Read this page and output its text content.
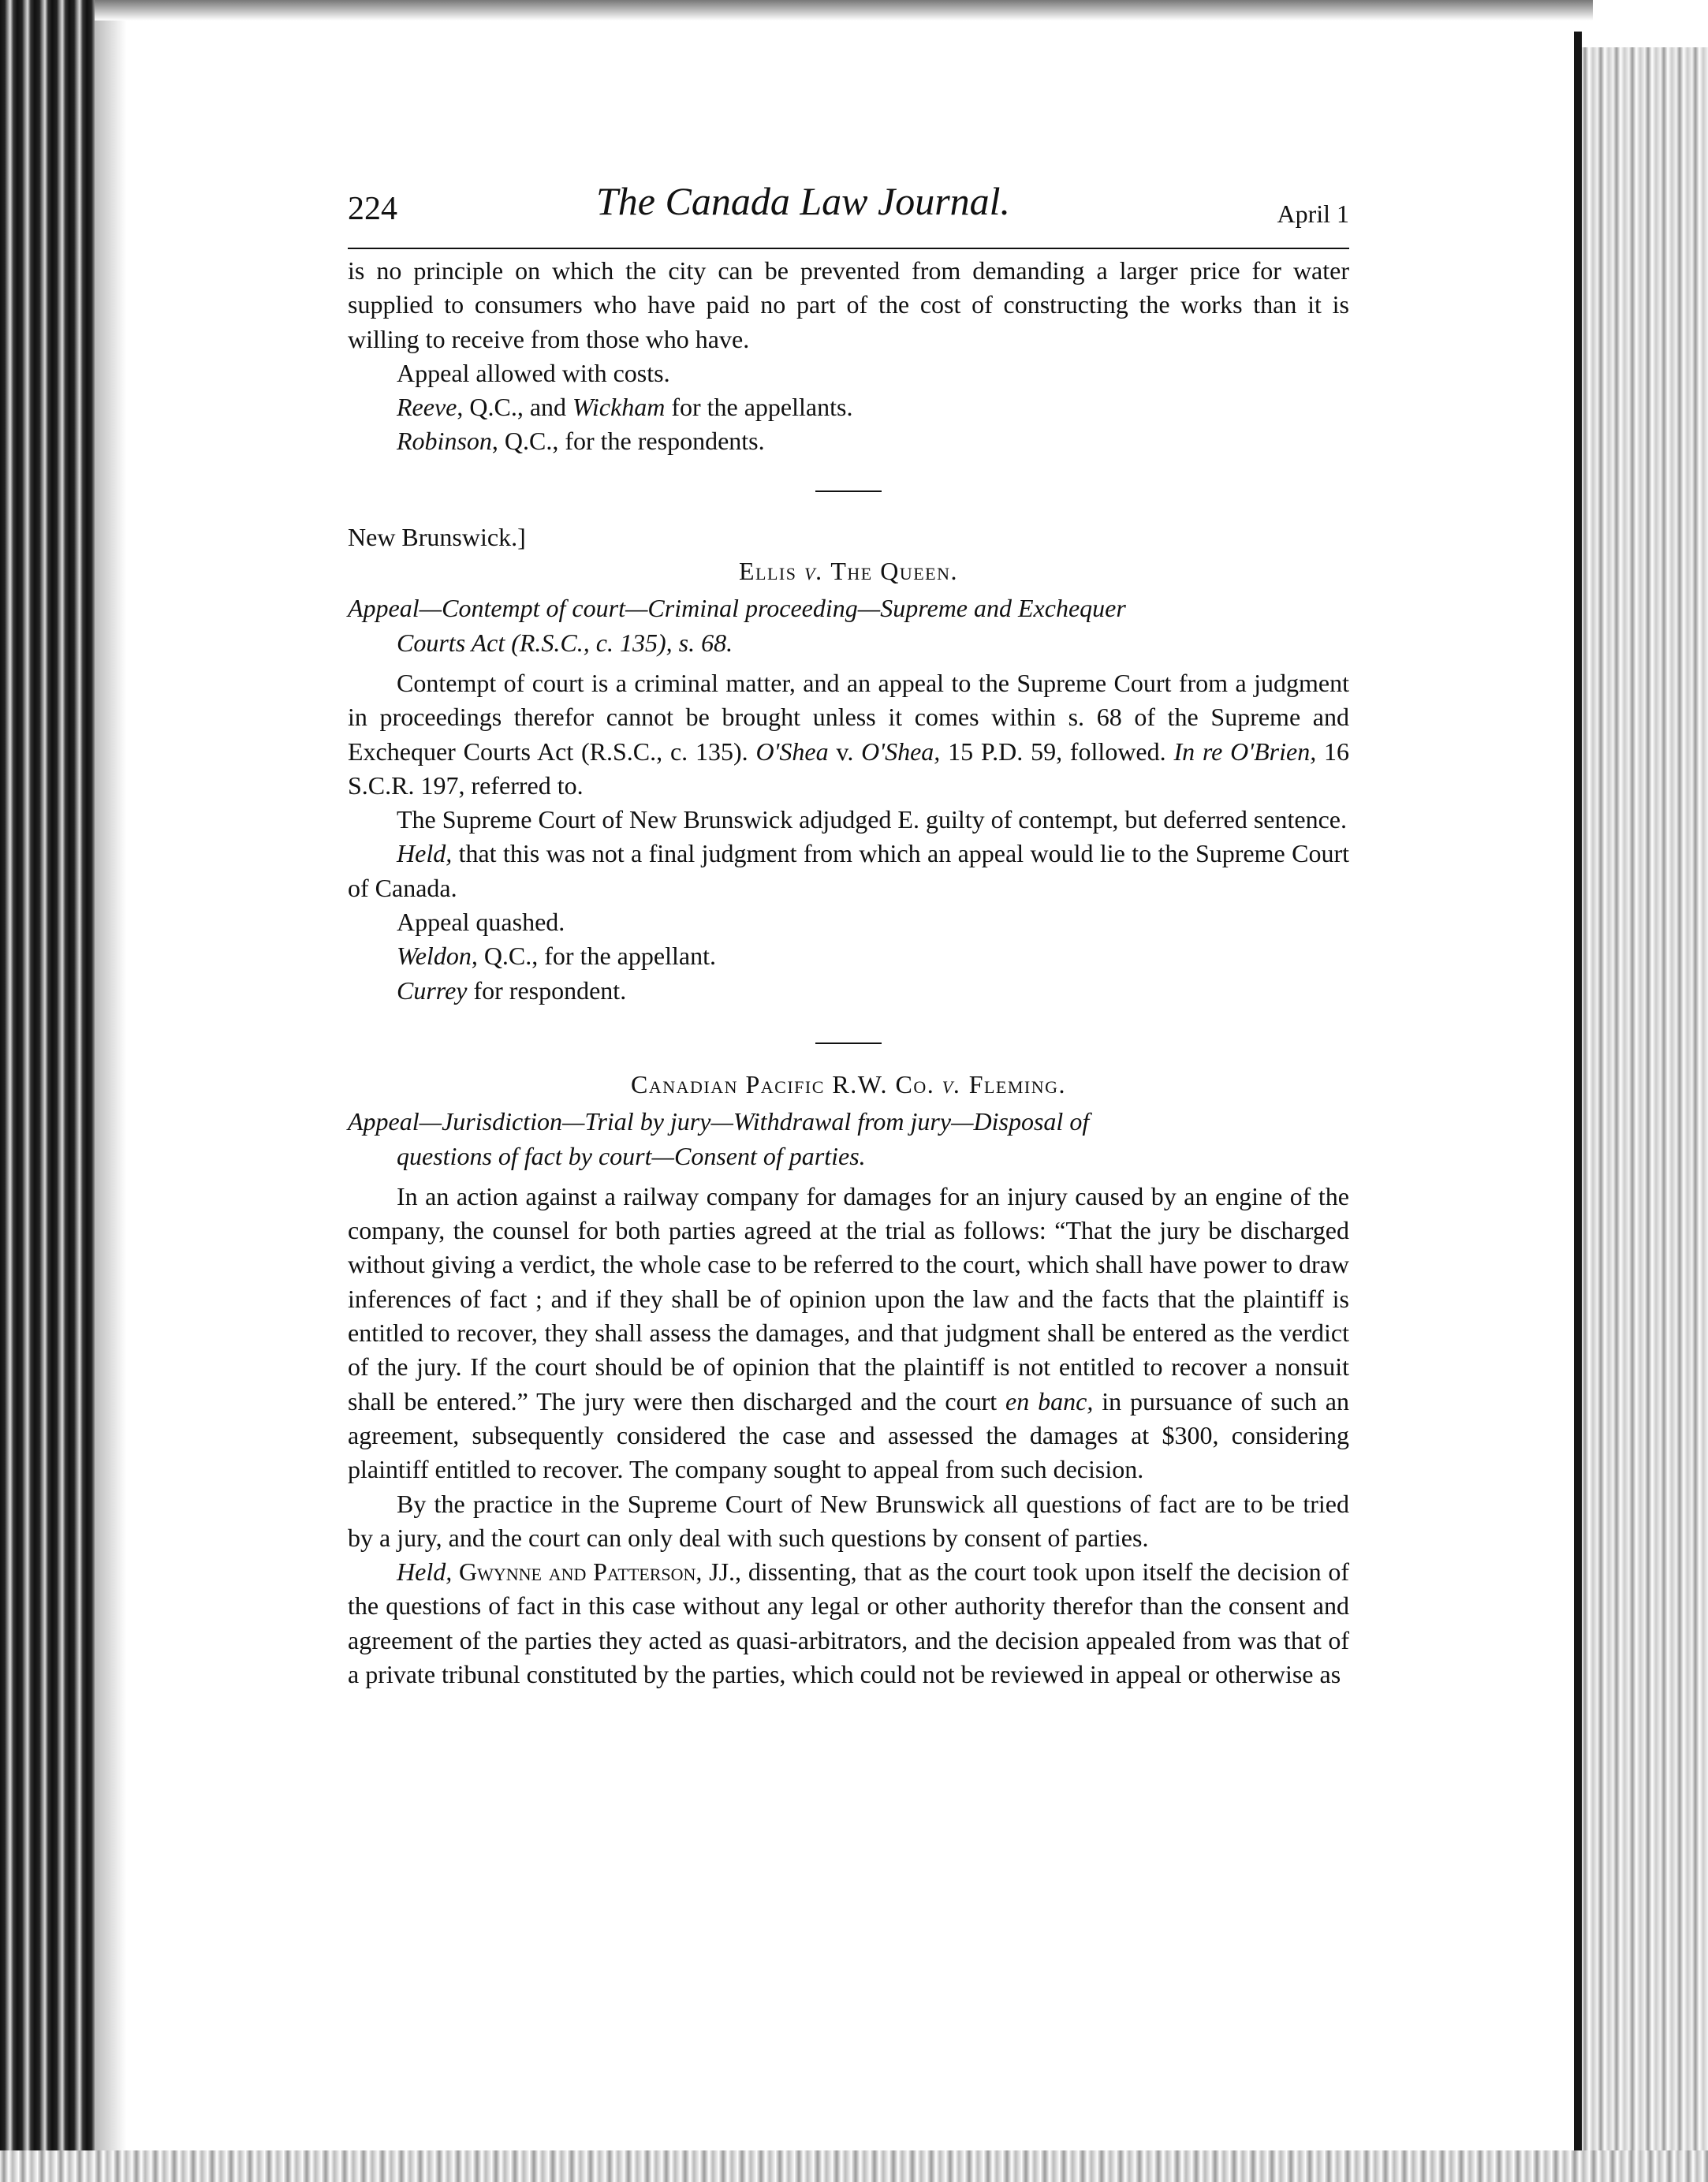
224	The Canada Law Journal.	April 1

is no principle on which the city can be prevented from demanding a larger price for water supplied to consumers who have paid no part of the cost of constructing the works than it is willing to receive from those who have.

Appeal allowed with costs.

Reeve, Q.C., and Wickham for the appellants.

Robinson, Q.C., for the respondents.

New Brunswick.]

Ellis v. The Queen.

Appeal—Contempt of court—Criminal proceeding—Supreme and Exchequer
Courts Act (R.S.C., c. 135), s. 68.

Contempt of court is a criminal matter, and an appeal to the Supreme Court from a judgment in proceedings therefor cannot be brought unless it comes within s. 68 of the Supreme and Exchequer Courts Act (R.S.C., c. 135). O'Shea v. O'Shea, 15 P.D. 59, followed. In re O'Brien, 16 S.C.R. 197, referred to.

The Supreme Court of New Brunswick adjudged E. guilty of contempt, but deferred sentence.

Held, that this was not a final judgment from which an appeal would lie to the Supreme Court of Canada.

Appeal quashed.

Weldon, Q.C., for the appellant.

Currey for respondent.

Canadian Pacific R.W. Co. v. Fleming.

Appeal—Jurisdiction—Trial by jury—Withdrawal from jury—Disposal of
questions of fact by court—Consent of parties.

In an action against a railway company for damages for an injury caused by an engine of the company, the counsel for both parties agreed at the trial as follows: “That the jury be discharged without giving a verdict, the whole case to be referred to the court, which shall have power to draw inferences of fact ; and if they shall be of opinion upon the law and the facts that the plaintiff is entitled to recover, they shall assess the damages, and that judgment shall be entered as the verdict of the jury. If the court should be of opinion that the plaintiff is not entitled to recover a nonsuit shall be entered.” The jury were then discharged and the court en banc, in pursuance of such an agreement, subsequently considered the case and assessed the damages at $300, considering plaintiff entitled to recover. The company sought to appeal from such decision.

By the practice in the Supreme Court of New Brunswick all questions of fact are to be tried by a jury, and the court can only deal with such questions by consent of parties.

Held, Gwynne and Patterson, JJ., dissenting, that as the court took upon itself the decision of the questions of fact in this case without any legal or other authority therefor than the consent and agreement of the parties they acted as quasi-arbitrators, and the decision appealed from was that of a private tribunal constituted by the parties, which could not be reviewed in appeal or otherwise as
